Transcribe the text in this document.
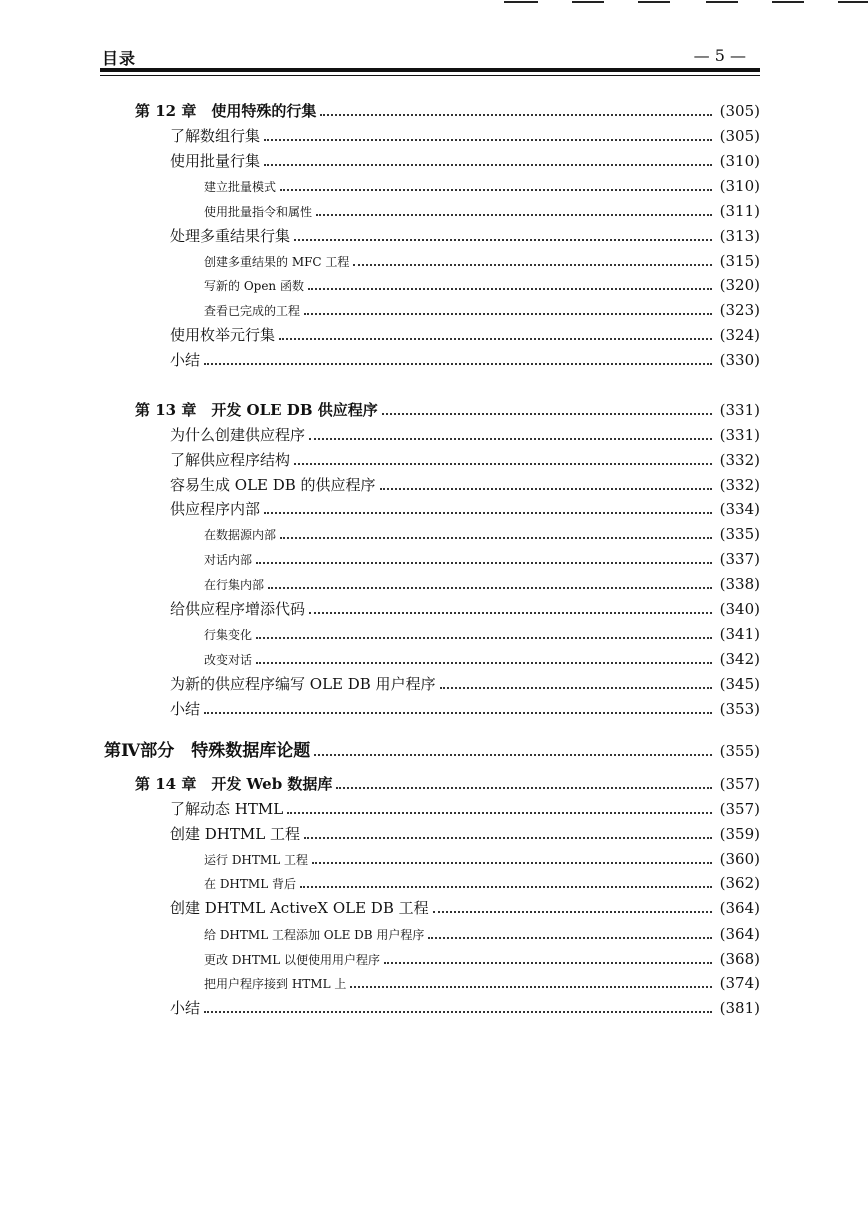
目录	— 5 —
第 12 章　使用特殊的行集	(305)
了解数组行集	(305)
使用批量行集	(310)
建立批量模式	(310)
使用批量指令和属性	(311)
处理多重结果行集	(313)
创建多重结果的 MFC 工程	(315)
写新的 Open 函数	(320)
查看已完成的工程	(323)
使用枚举元行集	(324)
小结	(330)
第 13 章　开发 OLE DB 供应程序	(331)
为什么创建供应程序	(331)
了解供应程序结构	(332)
容易生成 OLE DB 的供应程序	(332)
供应程序内部	(334)
在数据源内部	(335)
对话内部	(337)
在行集内部	(338)
给供应程序增添代码	(340)
行集变化	(341)
改变对话	(342)
为新的供应程序编写 OLE DB 用户程序	(345)
小结	(353)
第Ⅳ部分　特殊数据库论题	(355)
第 14 章　开发 Web 数据库	(357)
了解动态 HTML	(357)
创建 DHTML 工程	(359)
运行 DHTML 工程	(360)
在 DHTML 背后	(362)
创建 DHTML ActiveX OLE DB 工程	(364)
给 DHTML 工程添加 OLE DB 用户程序	(364)
更改 DHTML 以便使用用户程序	(368)
把用户程序接到 HTML 上	(374)
小结	(381)
